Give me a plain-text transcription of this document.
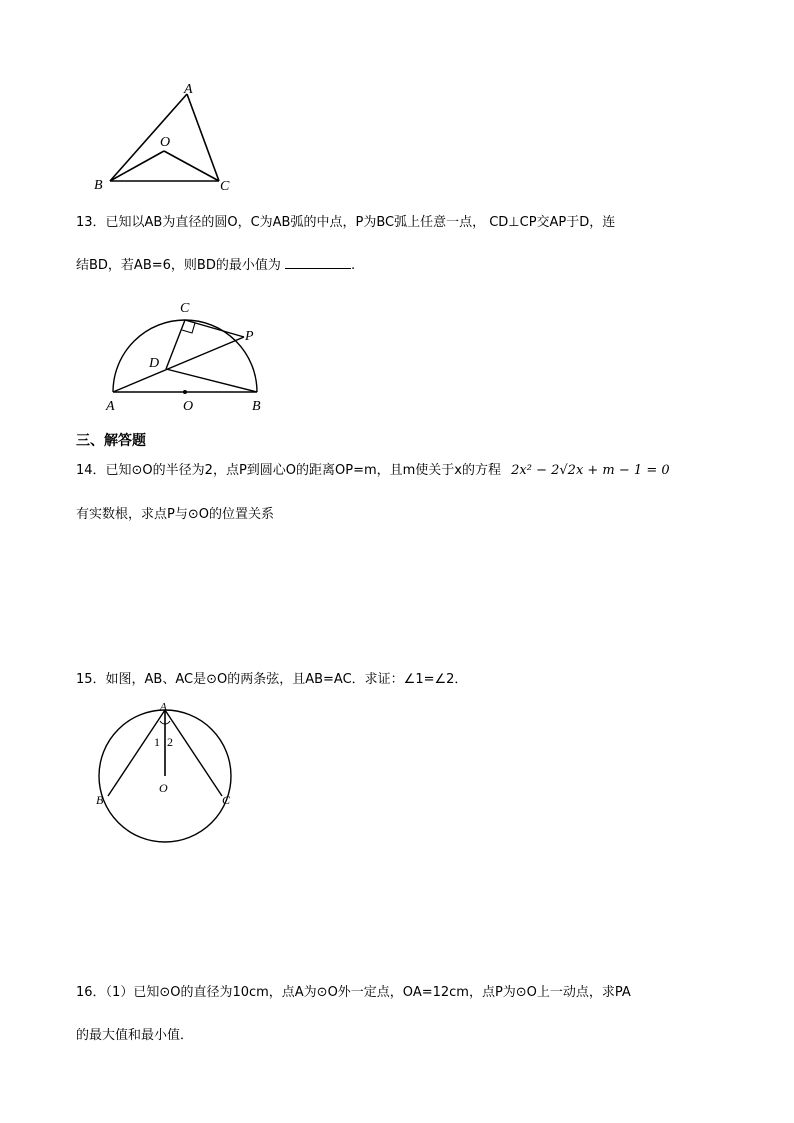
A
O
B	C
13．已知以AB为直径的圆O，C为AB弧的中点，P为BC弧上任意一点， CD⊥CP交AP于D，连
结BD，若AB=6，则BD的最小值为	.
C
P
D
A	O	B
三、解答题
14．已知⊙O的半径为2，点P到圆心O的距离OP=m，且m使关于x的方程 2x² − 2√2x + m − 1 = 0
有实数根，求点P与⊙O的位置关系
15．如图，AB、AC是⊙O的两条弦，且AB=AC．求证：∠1=∠2．
A
1 2
O
B	C
16．（1）已知⊙O的直径为10cm，点A为⊙O外一定点，OA=12cm，点P为⊙O上一动点，求PA
的最大值和最小值．
